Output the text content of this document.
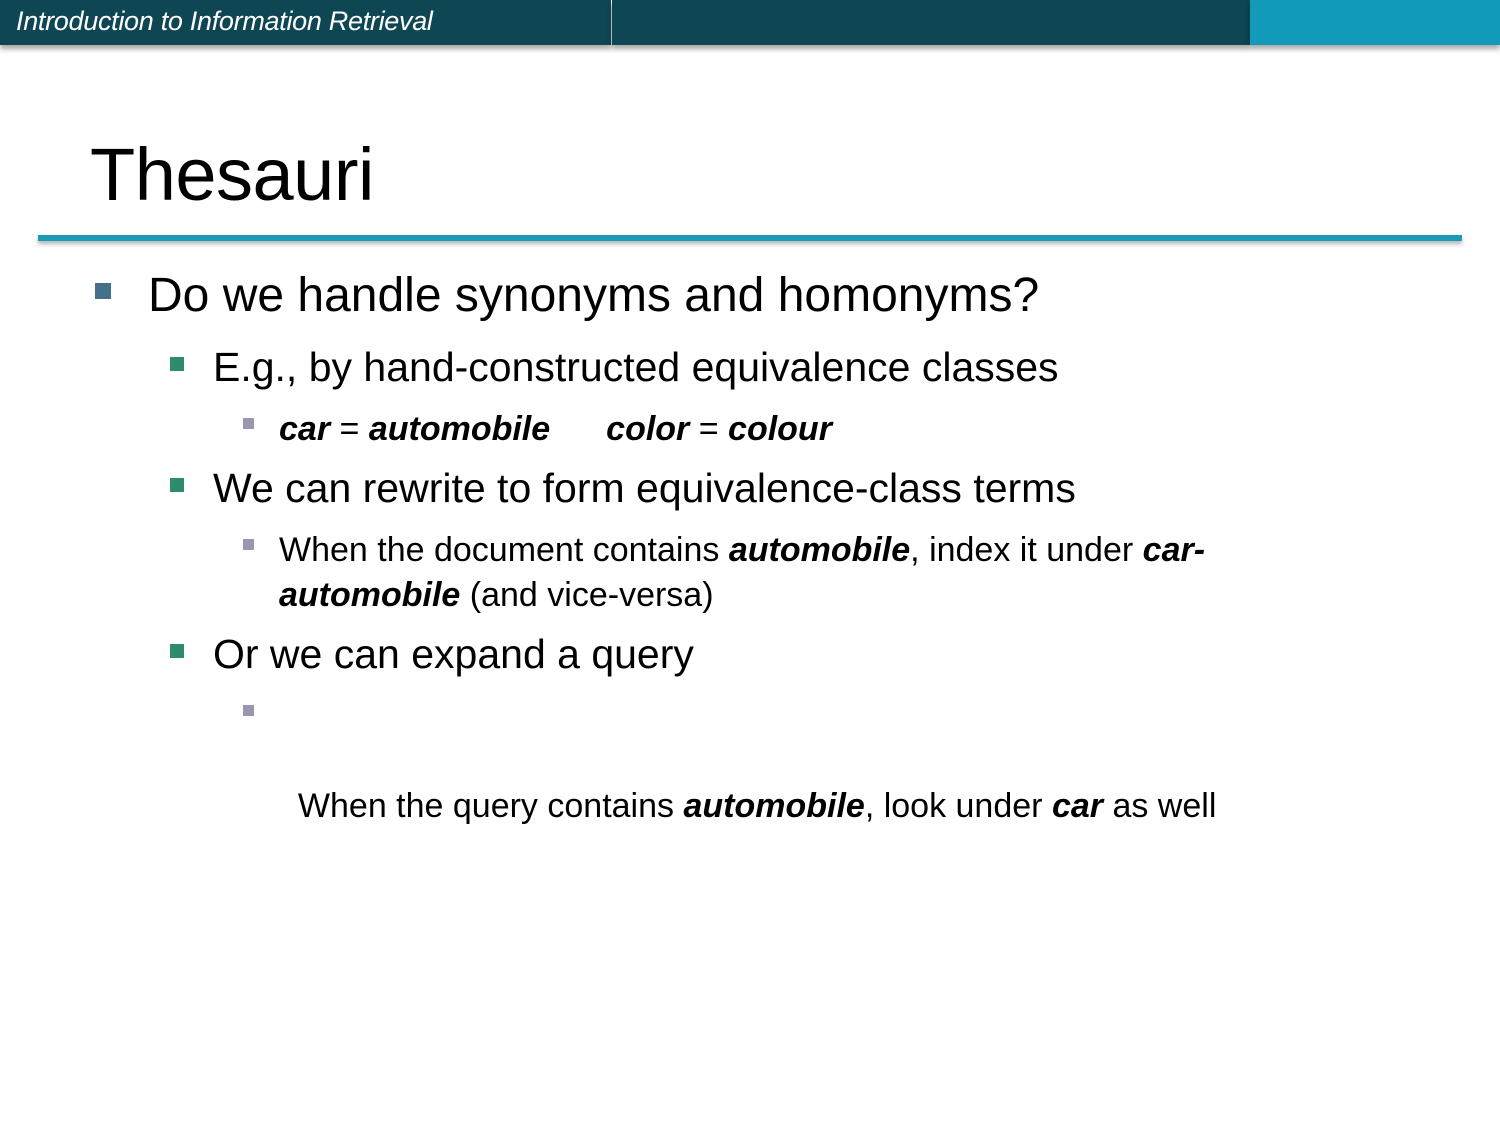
Introduction to Information Retrieval
Thesauri
Do we handle synonyms and homonyms?
E.g., by hand-constructed equivalence classes
car = automobile color = colour
We can rewrite to form equivalence-class terms
When the document contains automobile, index it under car-
automobile (and vice-versa)
Or we can expand a query

When the query contains automobile, look under car as well
